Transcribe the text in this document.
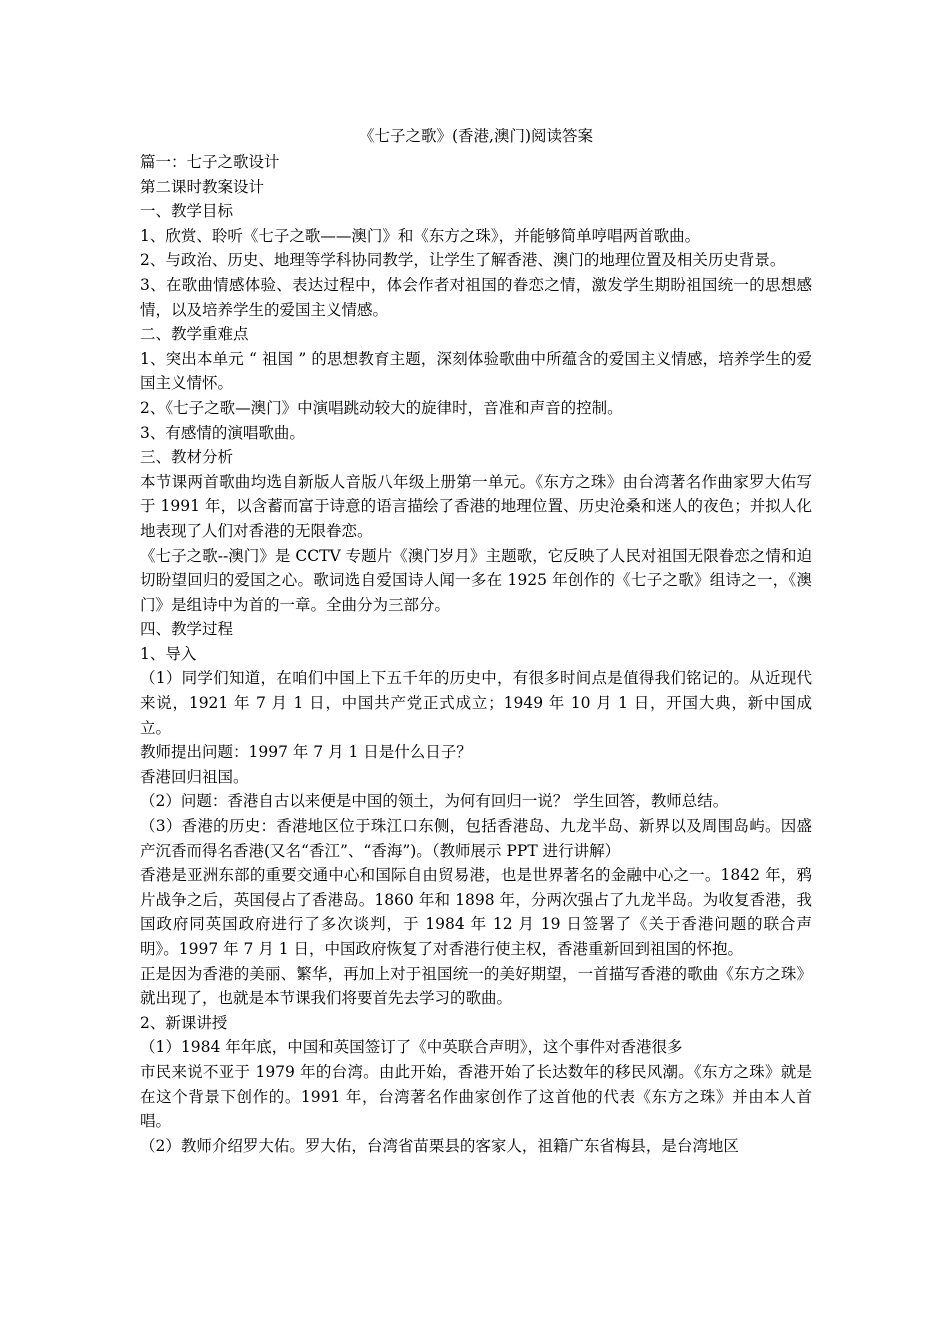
《七子之歌》(香港,澳门)阅读答案

篇一：七子之歌设计

第二课时教案设计

一、教学目标

1、欣赏、聆听《七子之歌——澳门》和《东方之珠》，并能够简单哼唱两首歌曲。

2、与政治、历史、地理等学科协同教学，让学生了解香港、澳门的地理位置及相关历史背景。

3、在歌曲情感体验、表达过程中，体会作者对祖国的眷恋之情，激发学生期盼祖国统一的思想感情，以及培养学生的爱国主义情感。

二、教学重难点

1、突出本单元 “ 祖国 ” 的思想教育主题，深刻体验歌曲中所蕴含的爱国主义情感，培养学生的爱国主义情怀。

2、《七子之歌—澳门》中演唱跳动较大的旋律时，音准和声音的控制。

3、有感情的演唱歌曲。

三、教材分析

本节课两首歌曲均选自新版人音版八年级上册第一单元。《东方之珠》由台湾著名作曲家罗大佑写于 1991 年，以含蓄而富于诗意的语言描绘了香港的地理位置、历史沧桑和迷人的夜色；并拟人化地表现了人们对香港的无限眷恋。

《七子之歌--澳门》是 CCTV 专题片《澳门岁月》主题歌，它反映了人民对祖国无限眷恋之情和迫切盼望回归的爱国之心。歌词选自爱国诗人闻一多在 1925 年创作的《七子之歌》组诗之一，《澳门》是组诗中为首的一章。全曲分为三部分。

四、教学过程

1、导入

（1）同学们知道，在咱们中国上下五千年的历史中，有很多时间点是值得我们铭记的。从近现代来说，1921 年 7 月 1 日，中国共产党正式成立；1949 年 10 月 1 日，开国大典，新中国成立。

教师提出问题：1997 年 7 月 1 日是什么日子？

香港回归祖国。

（2）问题：香港自古以来便是中国的领土，为何有回归一说？ 学生回答，教师总结。

（3）香港的历史：香港地区位于珠江口东侧，包括香港岛、九龙半岛、新界以及周围岛屿。因盛产沉香而得名香港(又名“香江”、“香海”)。（教师展示 PPT 进行讲解）

香港是亚洲东部的重要交通中心和国际自由贸易港，也是世界著名的金融中心之一。1842 年，鸦片战争之后，英国侵占了香港岛。1860 年和 1898 年，分两次强占了九龙半岛。为收复香港，我国政府同英国政府进行了多次谈判，于 1984 年 12 月 19 日签署了《关于香港问题的联合声明》。1997 年 7 月 1 日，中国政府恢复了对香港行使主权，香港重新回到祖国的怀抱。

正是因为香港的美丽、繁华，再加上对于祖国统一的美好期望，一首描写香港的歌曲《东方之珠》就出现了，也就是本节课我们将要首先去学习的歌曲。

2、新课讲授

（1）1984 年年底，中国和英国签订了《中英联合声明》，这个事件对香港很多

市民来说不亚于 1979 年的台湾。由此开始，香港开始了长达数年的移民风潮。《东方之珠》就是在这个背景下创作的。1991 年，台湾著名作曲家创作了这首他的代表《东方之珠》并由本人首唱。

（2）教师介绍罗大佑。罗大佑，台湾省苗栗县的客家人，祖籍广东省梅县，是台湾地区
